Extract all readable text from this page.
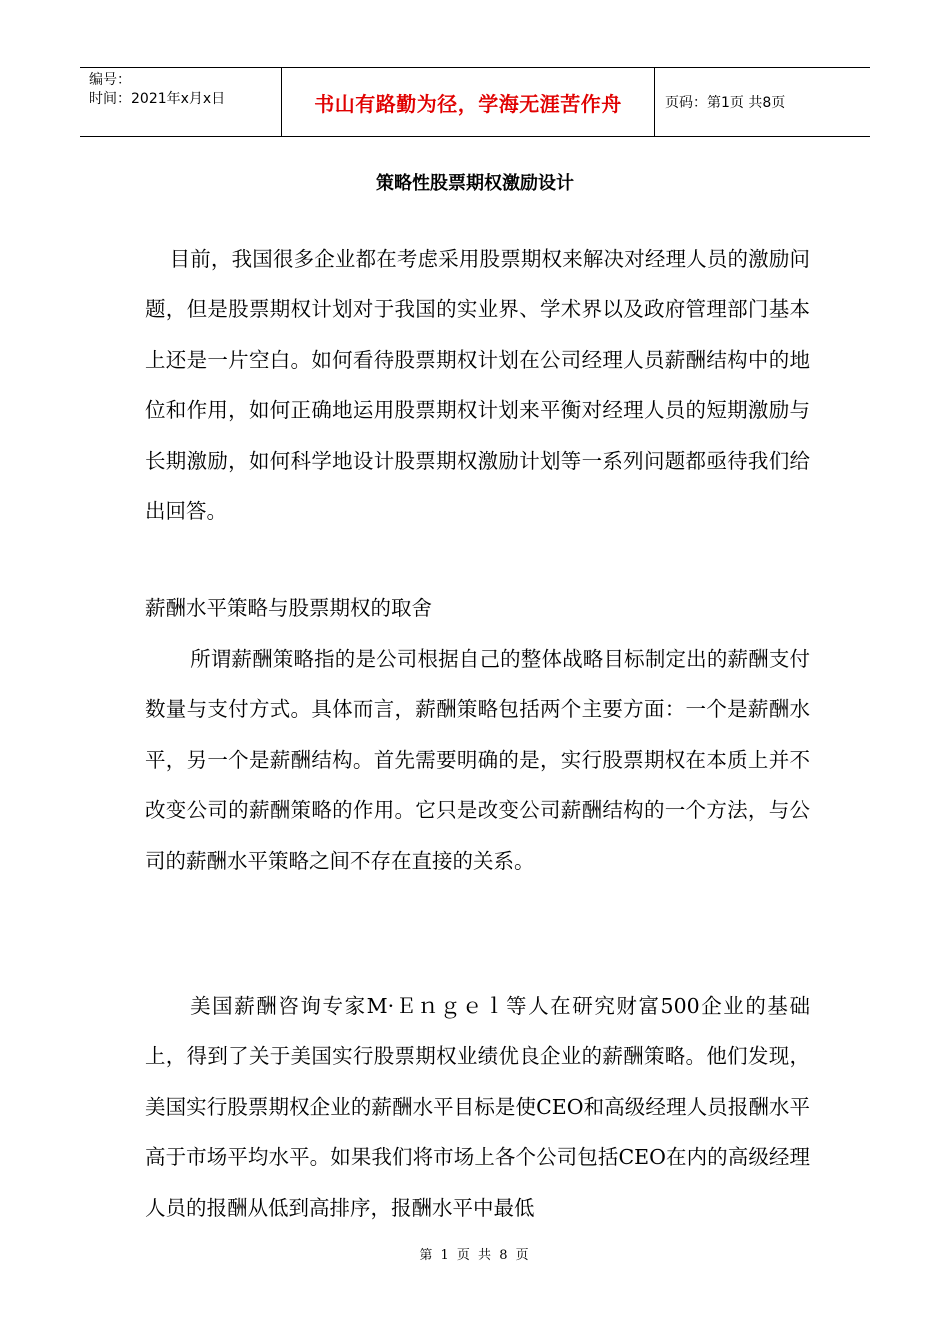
编号：
时间：2021年x月x日	书山有路勤为径，学海无涯苦作舟	页码：第1页 共8页
策略性股票期权激励设计
目前，我国很多企业都在考虑采用股票期权来解决对经理人员的激励问题，但是股票期权计划对于我国的实业界、学术界以及政府管理部门基本上还是一片空白。如何看待股票期权计划在公司经理人员薪酬结构中的地位和作用，如何正确地运用股票期权计划来平衡对经理人员的短期激励与长期激励，如何科学地设计股票期权激励计划等一系列问题都亟待我们给出回答。
薪酬水平策略与股票期权的取舍
所谓薪酬策略指的是公司根据自己的整体战略目标制定出的薪酬支付数量与支付方式。具体而言，薪酬策略包括两个主要方面：一个是薪酬水平，另一个是薪酬结构。首先需要明确的是，实行股票期权在本质上并不改变公司的薪酬策略的作用。它只是改变公司薪酬结构的一个方法，与公司的薪酬水平策略之间不存在直接的关系。
美国薪酬咨询专家M·Ｅｎｇｅｌ等人在研究财富500企业的基础上，得到了关于美国实行股票期权业绩优良企业的薪酬策略。他们发现，美国实行股票期权企业的薪酬水平目标是使CEO和高级经理人员报酬水平高于市场平均水平。如果我们将市场上各个公司包括CEO在内的高级经理人员的报酬从低到高排序，报酬水平中最低
第 1 页 共 8 页
